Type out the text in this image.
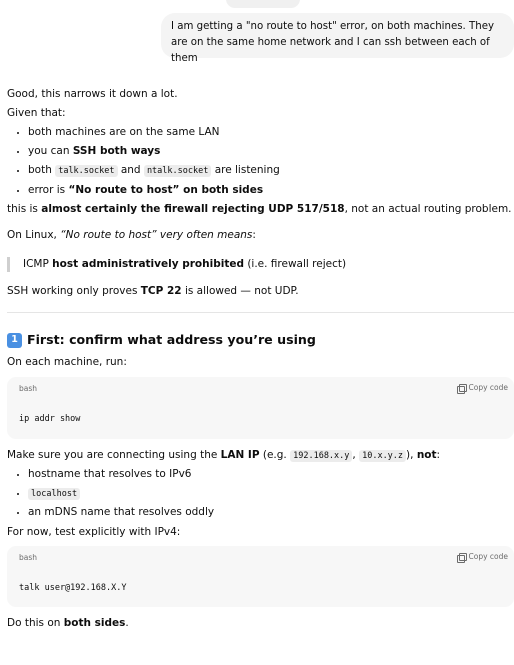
I am getting a "no route to host" error, on both machines. They are on the same home network and I can ssh between each of them

Good, this narrows it down a lot.

Given that:

• both machines are on the same LAN
• you can SSH both ways
• both talk.socket and ntalk.socket are listening
• error is “No route to host” on both sides

this is almost certainly the firewall rejecting UDP 517/518, not an actual routing problem.

On Linux, “No route to host” very often means:

ICMP host administratively prohibited (i.e. firewall reject)

SSH working only proves TCP 22 is allowed — not UDP.

1 First: confirm what address you’re using

On each machine, run:

bash	Copy code
ip addr show

Make sure you are connecting using the LAN IP (e.g. 192.168.x.y , 10.x.y.z ), not:

• hostname that resolves to IPv6
• localhost
• an mDNS name that resolves oddly

For now, test explicitly with IPv4:

bash	Copy code
talk user@192.168.X.Y

Do this on both sides.
